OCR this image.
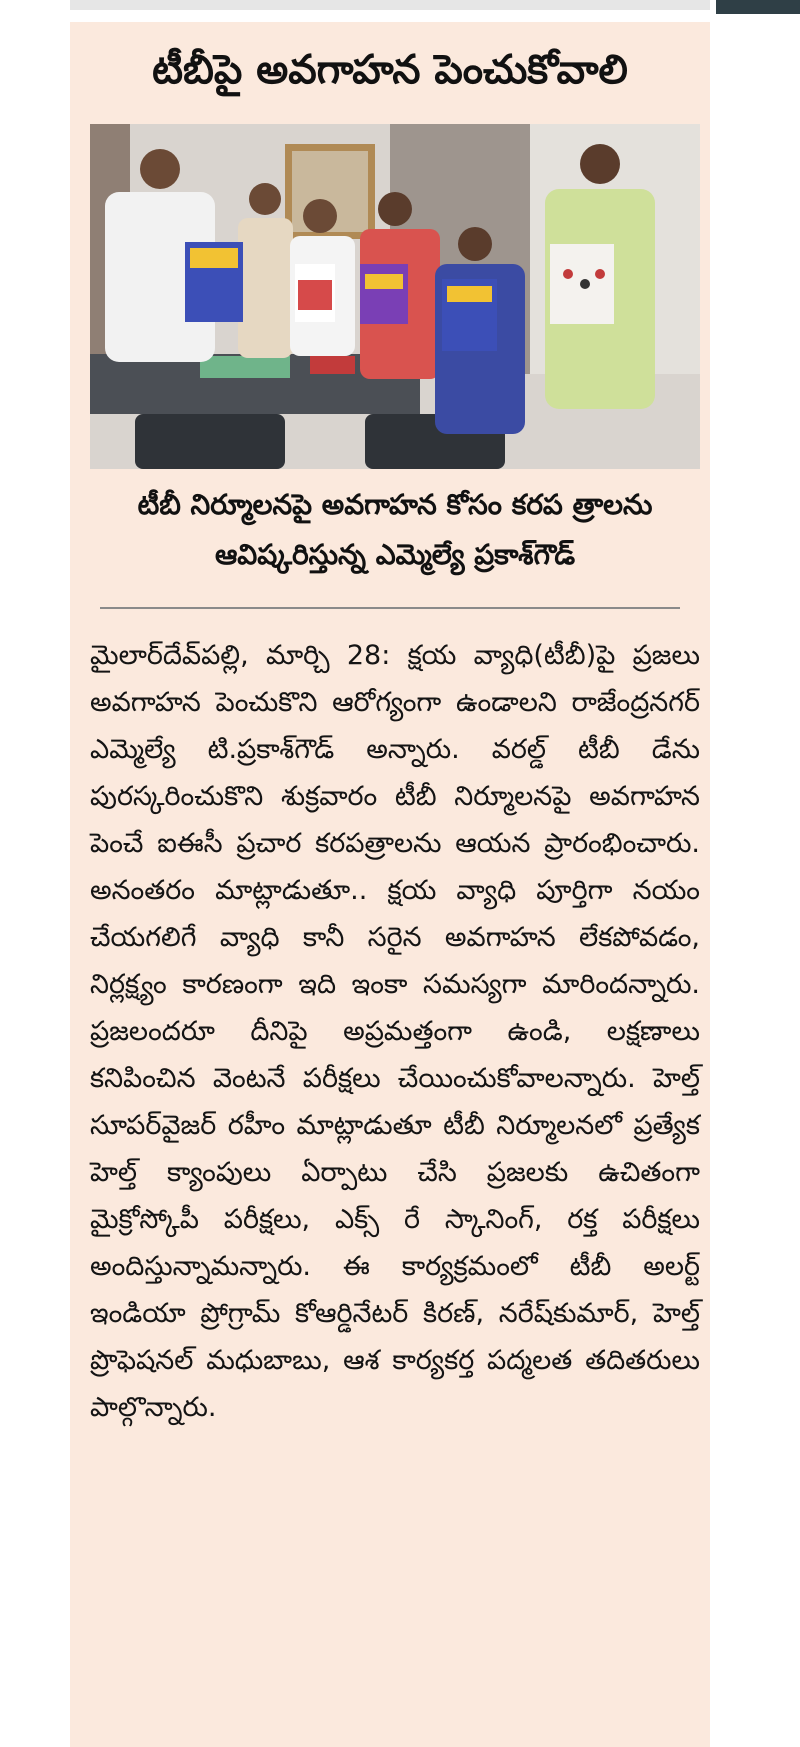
టీబీపై అవగాహన పెంచుకోవాలి
టీబీ నిర్మూలనపై అవగాహన కోసం కరప త్రాలను ఆవిష్కరిస్తున్న ఎమ్మెల్యే ప్రకాశ్‌గౌడ్
మైలార్‌దేవ్‌పల్లి, మార్చి 28: క్షయ వ్యాధి(టీబీ)పై ప్రజలు అవగాహన పెంచుకొని ఆరోగ్యంగా ఉండాలని రాజేంద్రనగర్ ఎమ్మెల్యే టి.ప్రకాశ్‌గౌడ్ అన్నారు. వరల్డ్ టీబీ డేను పురస్కరించుకొని శుక్రవారం టీబీ నిర్మూలనపై అవగాహన పెంచే ఐఈసీ ప్రచార కరపత్రాలను ఆయన ప్రారంభించారు. అనంతరం మాట్లాడుతూ.. క్షయ వ్యాధి పూర్తిగా నయం చేయగలిగే వ్యాధి కానీ సరైన అవగాహన లేకపోవడం, నిర్లక్ష్యం కారణంగా ఇది ఇంకా సమస్యగా మారిందన్నారు. ప్రజలందరూ దీనిపై అప్రమత్తంగా ఉండి, లక్షణాలు కనిపించిన వెంటనే పరీక్షలు చేయించుకోవాలన్నారు. హెల్త్ సూపర్‌వైజర్ రహీం మాట్లాడుతూ టీబీ నిర్మూలనలో ప్రత్యేక హెల్త్ క్యాంపులు ఏర్పాటు చేసి ప్రజలకు ఉచితంగా మైక్రోస్కోపీ పరీక్షలు, ఎక్స్ రే స్కానింగ్, రక్త పరీక్షలు అందిస్తున్నామన్నారు. ఈ కార్యక్రమంలో టీబీ అలర్ట్ ఇండియా ప్రోగ్రామ్ కోఆర్డినేటర్ కిరణ్, నరేష్‌కుమార్, హెల్త్ ప్రొఫెషనల్ మధుబాబు, ఆశ కార్యకర్త పద్మలత తదితరులు పాల్గొన్నారు.
